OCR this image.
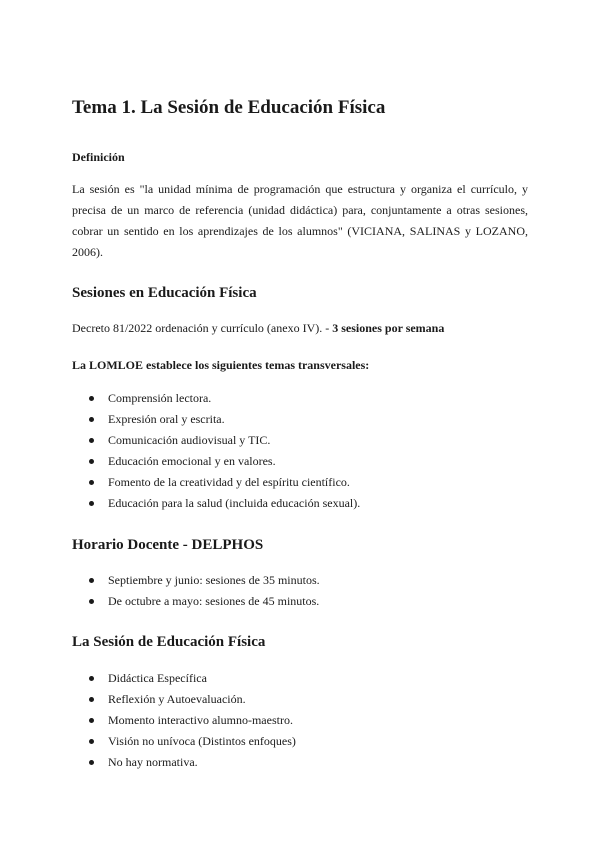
Tema 1. La Sesión de Educación Física

Definición

La sesión es "la unidad mínima de programación que estructura y organiza el currículo, y precisa de un marco de referencia (unidad didáctica) para, conjuntamente a otras sesiones, cobrar un sentido en los aprendizajes de los alumnos" (VICIANA, SALINAS y LOZANO, 2006).

Sesiones en Educación Física

Decreto 81/2022 ordenación y currículo (anexo IV). - 3 sesiones por semana

La LOMLOE establece los siguientes temas transversales:

Comprensión lectora.
Expresión oral y escrita.
Comunicación audiovisual y TIC.
Educación emocional y en valores.
Fomento de la creatividad y del espíritu científico.
Educación para la salud (incluida educación sexual).
Horario Docente - DELPHOS
Septiembre y junio: sesiones de 35 minutos.
De octubre a mayo: sesiones de 45 minutos.
La Sesión de Educación Física
Didáctica Específica
Reflexión y Autoevaluación.
Momento interactivo alumno-maestro.
Visión no unívoca (Distintos enfoques)
No hay normativa.
